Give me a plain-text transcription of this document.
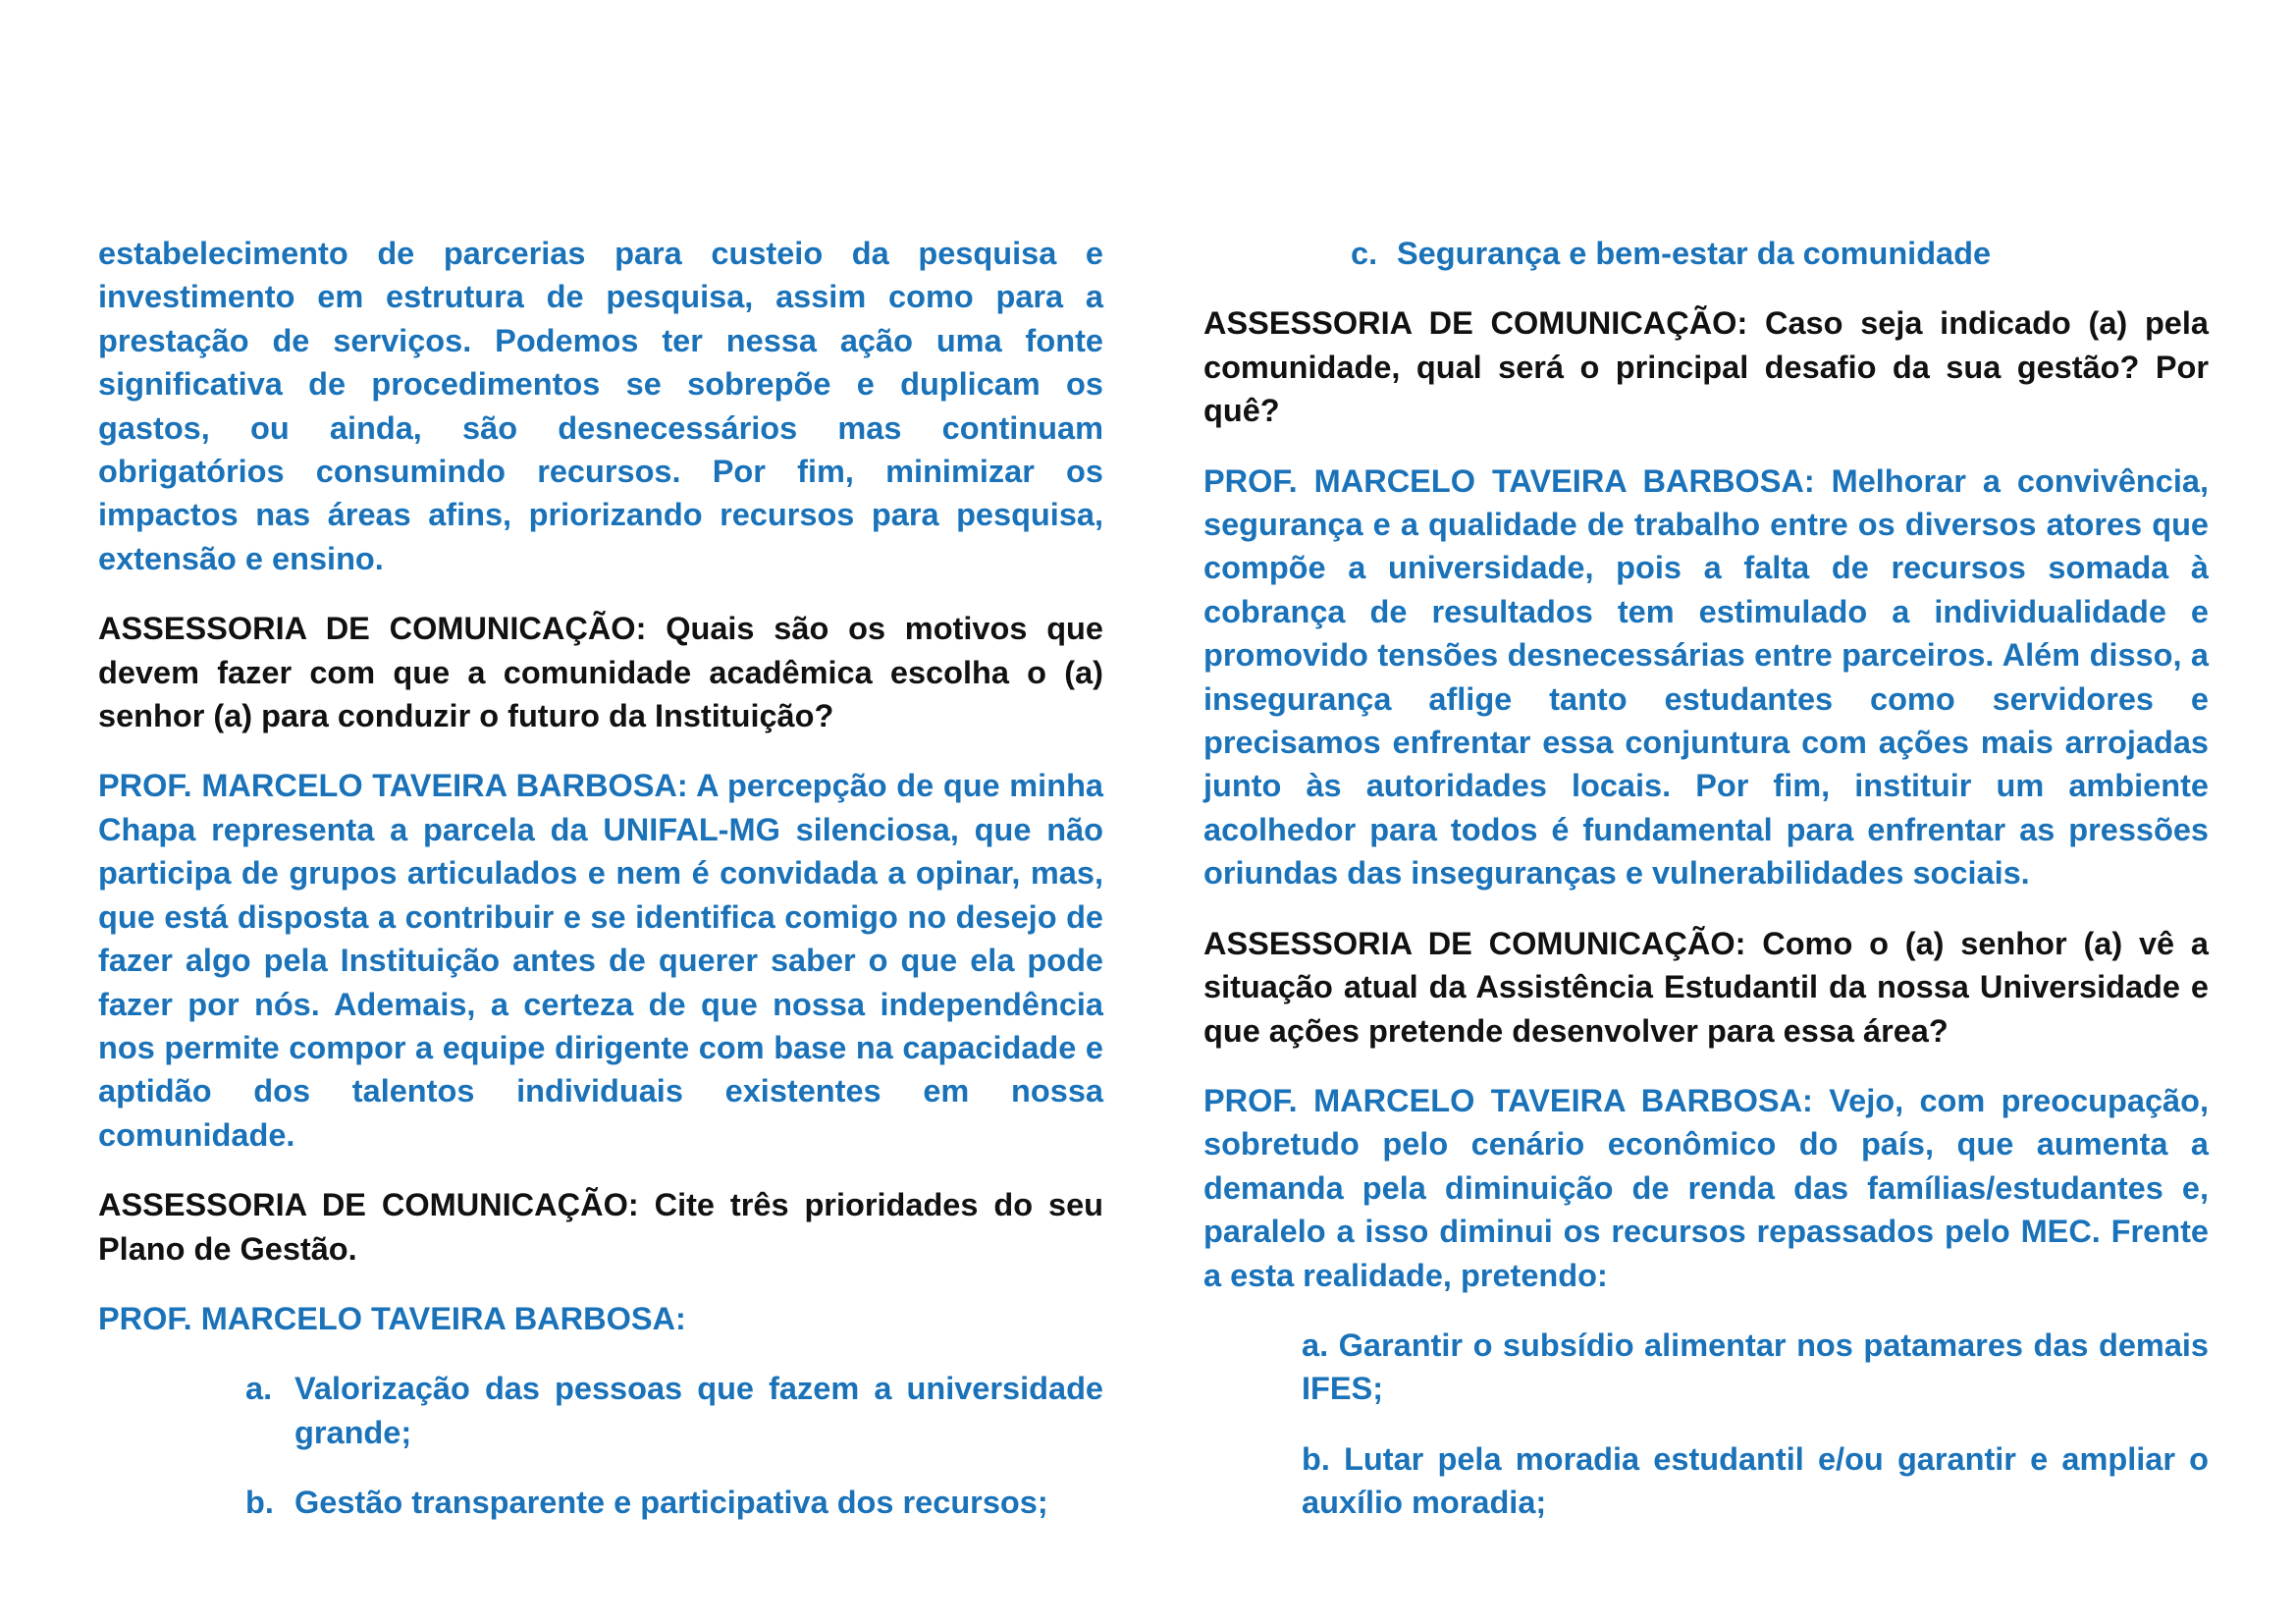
estabelecimento de parcerias para custeio da pesquisa e investimento em estrutura de pesquisa, assim como para a prestação de serviços. Podemos ter nessa ação uma fonte significativa de procedimentos se sobrepõe e duplicam os gastos, ou ainda, são desnecessários mas continuam obrigatórios consumindo recursos. Por fim, minimizar os impactos nas áreas afins, priorizando recursos para pesquisa, extensão e ensino.

ASSESSORIA DE COMUNICAÇÃO: Quais são os motivos que devem fazer com que a comunidade acadêmica escolha o (a) senhor (a) para conduzir o futuro da Instituição?

PROF. MARCELO TAVEIRA BARBOSA: A percepção de que minha Chapa representa a parcela da UNIFAL-MG silenciosa, que não participa de grupos articulados e nem é convidada a opinar, mas, que está disposta a contribuir e se identifica comigo no desejo de fazer algo pela Instituição antes de querer saber o que ela pode fazer por nós. Ademais, a certeza de que nossa independência nos permite compor a equipe dirigente com base na capacidade e aptidão dos talentos individuais existentes em nossa comunidade.

ASSESSORIA DE COMUNICAÇÃO: Cite três prioridades do seu Plano de Gestão.

PROF. MARCELO TAVEIRA BARBOSA:

a. Valorização das pessoas que fazem a universidade grande;
b. Gestão transparente e participativa dos recursos;
c. Segurança e bem-estar da comunidade

ASSESSORIA DE COMUNICAÇÃO: Caso seja indicado (a) pela comunidade, qual será o principal desafio da sua gestão? Por quê?

PROF. MARCELO TAVEIRA BARBOSA: Melhorar a convivência, segurança e a qualidade de trabalho entre os diversos atores que compõe a universidade, pois a falta de recursos somada à cobrança de resultados tem estimulado a individualidade e promovido tensões desnecessárias entre parceiros. Além disso, a insegurança aflige tanto estudantes como servidores e precisamos enfrentar essa conjuntura com ações mais arrojadas junto às autoridades locais. Por fim, instituir um ambiente acolhedor para todos é fundamental para enfrentar as pressões oriundas das inseguranças e vulnerabilidades sociais.

ASSESSORIA DE COMUNICAÇÃO: Como o (a) senhor (a) vê a situação atual da Assistência Estudantil da nossa Universidade e que ações pretende desenvolver para essa área?

PROF. MARCELO TAVEIRA BARBOSA: Vejo, com preocupação, sobretudo pelo cenário econômico do país, que aumenta a demanda pela diminuição de renda das famílias/estudantes e, paralelo a isso diminui os recursos repassados pelo MEC. Frente a esta realidade, pretendo:

a. Garantir o subsídio alimentar nos patamares das demais IFES;
b. Lutar pela moradia estudantil e/ou garantir e ampliar o auxílio moradia;
